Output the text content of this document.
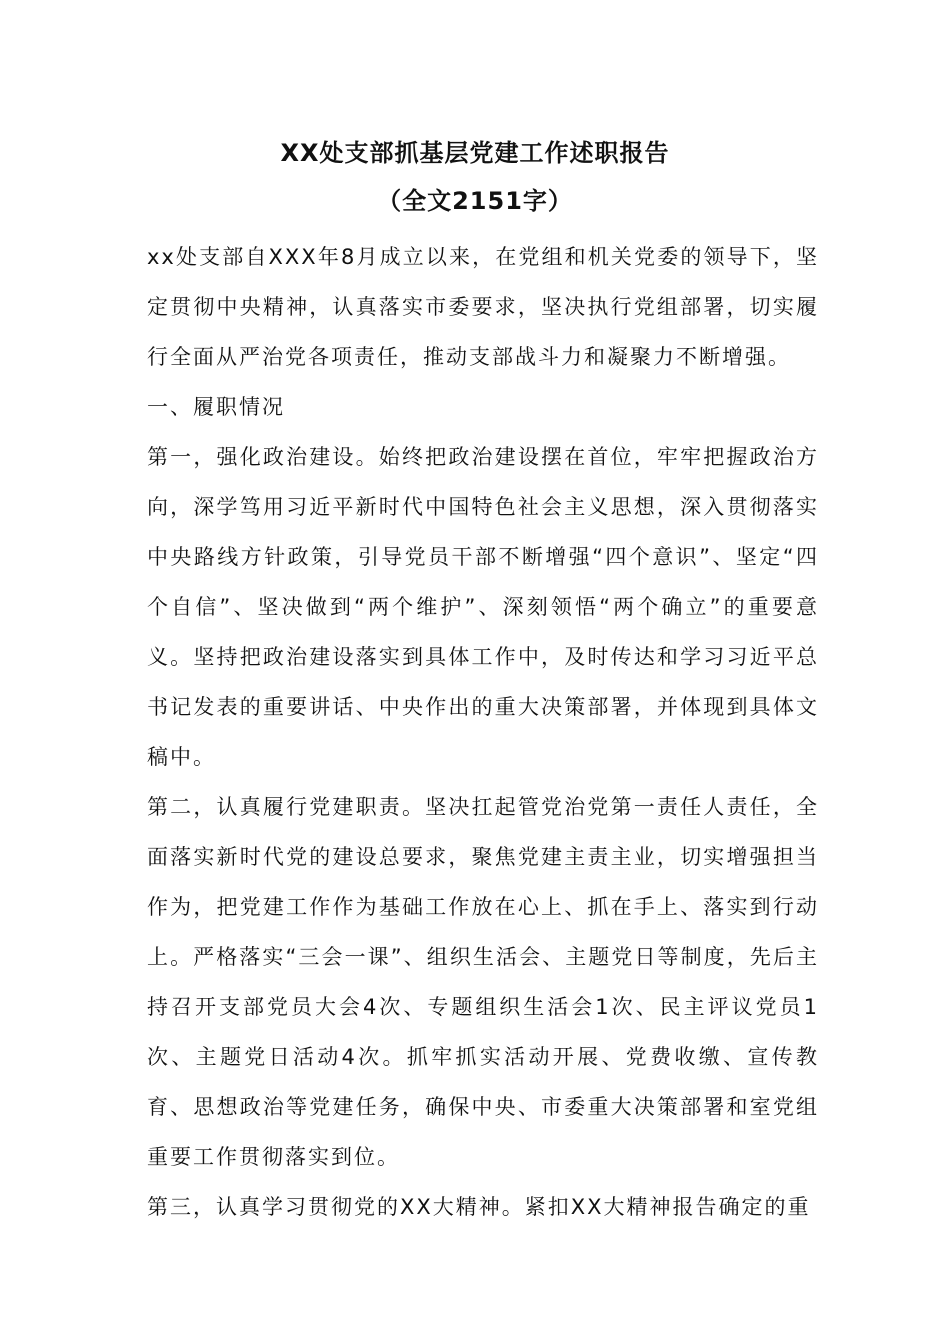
XX处支部抓基层党建工作述职报告
（全文2151字）

xx处支部自XXX年8月成立以来，在党组和机关党委的领导下，坚定贯彻中央精神，认真落实市委要求，坚决执行党组部署，切实履行全面从严治党各项责任，推动支部战斗力和凝聚力不断增强。

一、履职情况

第一，强化政治建设。始终把政治建设摆在首位，牢牢把握政治方向，深学笃用习近平新时代中国特色社会主义思想，深入贯彻落实中央路线方针政策，引导党员干部不断增强“四个意识”、坚定“四个自信”、坚决做到“两个维护”、深刻领悟“两个确立”的重要意义。坚持把政治建设落实到具体工作中，及时传达和学习习近平总书记发表的重要讲话、中央作出的重大决策部署，并体现到具体文稿中。

第二，认真履行党建职责。坚决扛起管党治党第一责任人责任，全面落实新时代党的建设总要求，聚焦党建主责主业，切实增强担当作为，把党建工作作为基础工作放在心上、抓在手上、落实到行动上。严格落实“三会一课”、组织生活会、主题党日等制度，先后主持召开支部党员大会4次、专题组织生活会1次、民主评议党员1次、主题党日活动4次。抓牢抓实活动开展、党费收缴、宣传教育、思想政治等党建任务，确保中央、市委重大决策部署和室党组重要工作贯彻落实到位。

第三，认真学习贯彻党的XX大精神。紧扣XX大精神报告确定的重
